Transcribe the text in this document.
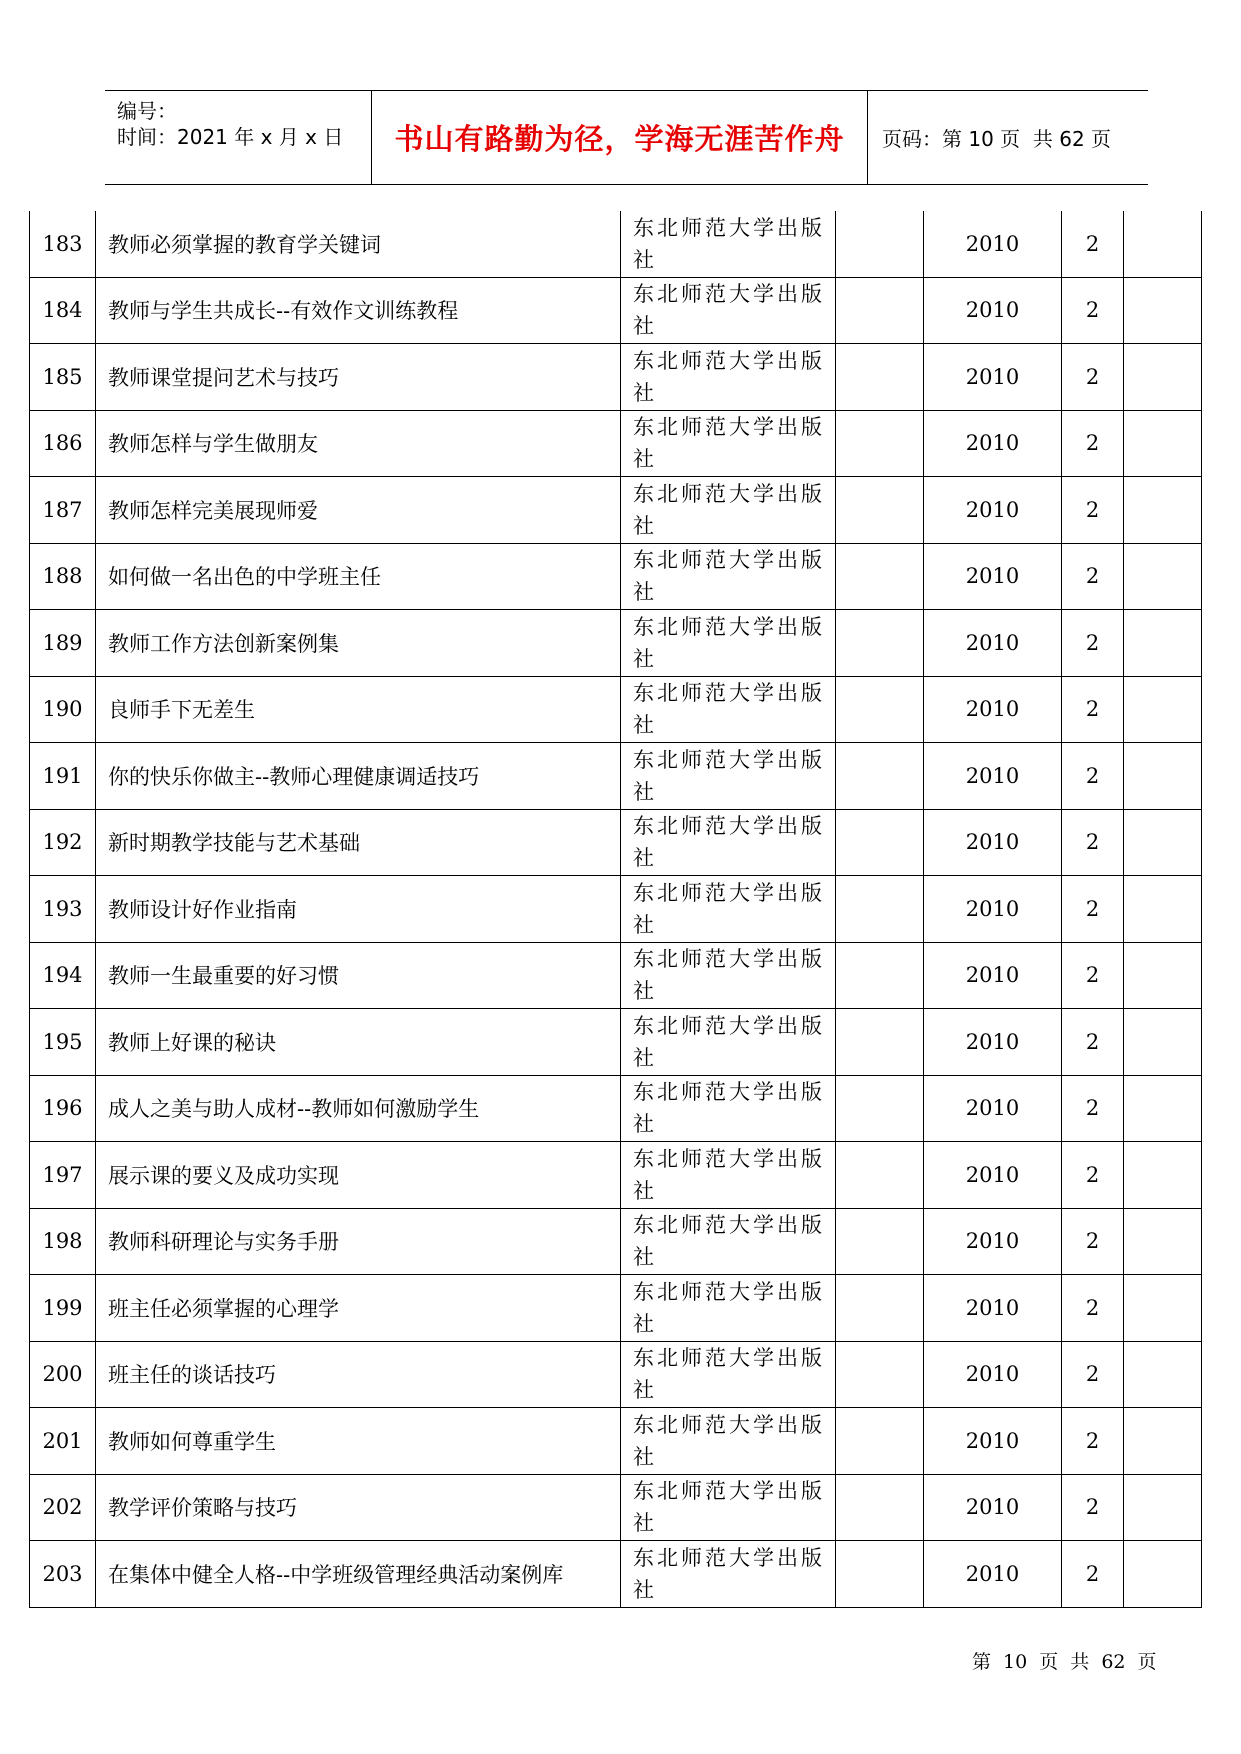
编号：
时间：2021 年 x 月 x 日 书山有路勤为径，学海无涯苦作舟 页码：第 10 页  共 62 页
183	教师必须掌握的教育学关键词	东北师范大学出版社		2010	2	
184	教师与学生共成长--有效作文训练教程	东北师范大学出版社		2010	2	
185	教师课堂提问艺术与技巧	东北师范大学出版社		2010	2	
186	教师怎样与学生做朋友	东北师范大学出版社		2010	2	
187	教师怎样完美展现师爱	东北师范大学出版社		2010	2	
188	如何做一名出色的中学班主任	东北师范大学出版社		2010	2	
189	教师工作方法创新案例集	东北师范大学出版社		2010	2	
190	良师手下无差生	东北师范大学出版社		2010	2	
191	你的快乐你做主--教师心理健康调适技巧	东北师范大学出版社		2010	2	
192	新时期教学技能与艺术基础	东北师范大学出版社		2010	2	
193	教师设计好作业指南	东北师范大学出版社		2010	2	
194	教师一生最重要的好习惯	东北师范大学出版社		2010	2	
195	教师上好课的秘诀	东北师范大学出版社		2010	2	
196	成人之美与助人成材--教师如何激励学生	东北师范大学出版社		2010	2	
197	展示课的要义及成功实现	东北师范大学出版社		2010	2	
198	教师科研理论与实务手册	东北师范大学出版社		2010	2	
199	班主任必须掌握的心理学	东北师范大学出版社		2010	2	
200	班主任的谈话技巧	东北师范大学出版社		2010	2	
201	教师如何尊重学生	东北师范大学出版社		2010	2	
202	教学评价策略与技巧	东北师范大学出版社		2010	2	
203	在集体中健全人格--中学班级管理经典活动案例库	东北师范大学出版社		2010	2	
第 10 页 共 62 页
